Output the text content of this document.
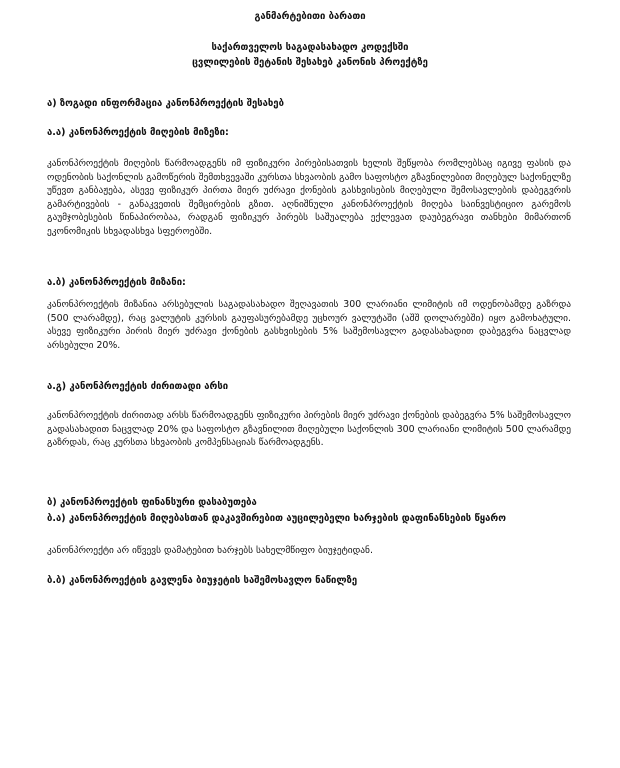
განმარტებითი ბარათი
საქართველოს საგადასახადო კოდექსში
ცვლილების შეტანის შესახებ კანონის პროექტზე
ა) ზოგადი ინფორმაცია კანონპროექტის შესახებ
ა.ა) კანონპროექტის მიღების მიზეზი:
კანონპროექტის მიღების წარმოადგენს იმ ფიზიკური პირებისათვის ხელის შეწყობა რომლებსაც იგივე ფასის და ოდენობის საქონლის გამოწერის შემთხვევაში კურსთა სხვაობის გამო საფოსტო გზავნილებით მიღებულ საქონელზე უწევთ განბაჟება, ასევე ფიზიკურ პირთა მიერ უძრავი ქონების გასხვისების მიღებული შემოსავლების დაბეგვრის გამარტივების - განაკვეთის შემცირების გზით. აღნიშნული კანონპროექტის მიღება საინვესტიციო გარემოს გაუმჯობესების წინაპირობაა, რადგან ფიზიკურ პირებს საშუალება ექლევათ დაუბეგრავი თანხები მიმართონ ეკონომიკის სხვადასხვა სფეროებში.
ა.ბ) კანონპროექტის მიზანი:
კანონპროექტის მიზანია არსებულის საგადასახადო შეღავათის 300 ლარიანი ლიმიტის იმ ოდენობამდე გაზრდა (500 ლარამდე), რაც ვალუტის კურსის გაუფასურებამდე უცხოურ ვალუტაში (აშშ დოლარებში) იყო გამოხატული. ასევე ფიზიკური პირის მიერ უძრავი ქონების გასხვისების 5% საშემოსავლო გადასახადით დაბეგვრა ნაცვლად არსებული 20%.
ა.გ) კანონპროექტის ძირითადი არსი
კანონპროექტის ძირითად არსს წარმოადგენს ფიზიკური პირების მიერ უძრავი ქონების დაბეგვრა 5% საშემოსავლო გადასახადით ნაცვლად 20% და საფოსტო გზავნილით მიღებული საქონლის 300 ლარიანი ლიმიტის 500 ლარამდე გაზრდას, რაც კურსთა სხვაობის კომპენსაციას წარმოადგენს.
ბ) კანონპროექტის ფინანსური დასაბუთება
ბ.ა) კანონპროექტის მიღებასთან დაკავშირებით აუცილებელი ხარჯების დაფინანსების წყარო
კანონპროექტი არ იწვევს დამატებით ხარჯებს სახელმწიფო ბიუჯეტიდან.
ბ.ბ) კანონპროექტის გავლენა ბიუჯეტის საშემოსავლო ნაწილზე
